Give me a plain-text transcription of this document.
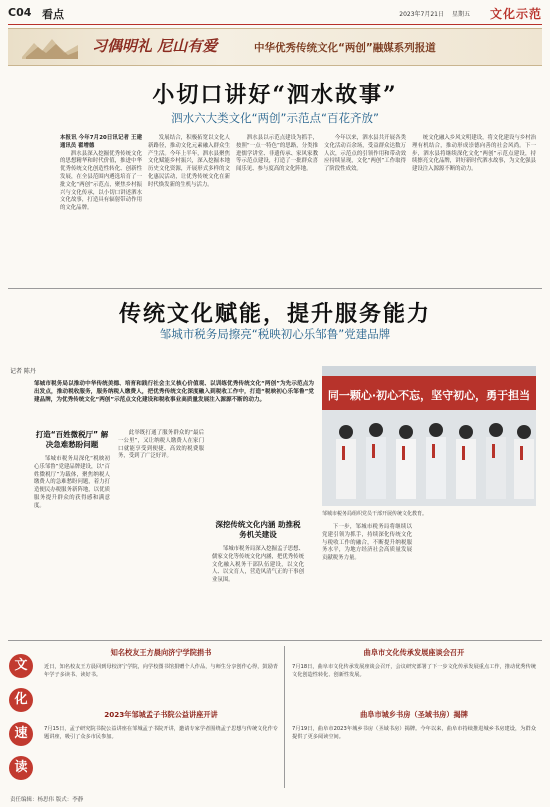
C04 看点	2023年7月21日 星期五 文化示范
习偶明礼 尼山有爱	中华优秀传统文化“两创”融媒系列报道
小切口讲好“泗水故事”
泗水六大类文化“两创”示范点“百花齐放”

本报讯 今年7月20日讯记者 王建 通讯员 翟增德

泗水县深入挖掘优秀传统文化的思想精华和时代价值，推进中华优秀传统文化创造性转化、创新性发展，在全县范围内遴选培育了一批文化“两创”示范点，聚焦乡村振兴与文化传承，以小切口讲述泗水文化故事，打造具有辐射带动作用的文化品牌。

发展结合，积极拓宽以文化人新路径，推动文化元素融入群众生产生活。今年上半年，泗水县聚焦文化赋能乡村振兴，深入挖掘本地历史文化资源，开展形式多样的文化惠民活动，让优秀传统文化在新时代焕发新的生机与活力。

泗水县以示范点建设为抓手，按照“一点一特色”的思路，分类推进儒学讲堂、非遗传承、家风家教等示范点建设，打造了一批群众喜闻乐见、参与度高的文化阵地。

今年以来，泗水县共开展各类文化活动百余场，受益群众达数万人次，示范点的引领作用和带动效应持续显现，文化“两创”工作取得了阶段性成效。

统文化融入乡风文明建设，将文化建设与乡村治理有机结合，推动形成崇德向善的社会风尚。下一步，泗水县将继续深化文化“两创”示范点建设，持续擦亮文化品牌，讲好新时代泗水故事，为文化强县建设注入源源不断的动力。

传统文化赋能，提升服务能力
邹城市税务局擦亮“税映初心乐邹鲁”党建品牌
记者 陈丹
邹城市税务局以推动中华传统美德、培育和践行社会主义核心价值观、以训练优秀传统文化“两创”为先示范点为出发点，推动税收服务，服务纳税人缴费人，把优秀传统文化深度融入到税收工作中，打造“税映初心乐邹鲁”党建品牌，为优秀传统文化“两创”示范点文化建设和税收事业高质量发展注入源源不断的动力。	同一颗心·初心不忘，坚守初心，勇于担当
邹城市税务局组织党员干部开展传统文化教育。
打造“百姓微税厅” 解决急难愁盼问题

邹城市税务局深化“税映初心乐邹鲁”党建品牌建设，以“百姓微税厅”为载体，聚焦纳税人缴费人的急难愁盼问题，着力打造便民办税服务新阵地，以优质服务提升群众的获得感和满意度。

此举既打通了服务群众的“最后一公里”，又让纳税人缴费人在家门口就能享受到便捷、高效的税费服务，受到了广泛好评。

深挖传统文化内涵 助推税务机关建设

邹城市税务局深入挖掘孟子思想、儒家文化等传统文化内涵，把优秀传统文化融入税务干部队伍建设，以文化人、以文育人，营造风清气正的干事创业氛围。

下一步，邹城市税务局将继续以党建引领为抓手，持续深化传统文化与税收工作的融合，不断提升纳税服务水平，为地方经济社会高质量发展贡献税务力量。

文
化
速
读
知名校友王方晨向济宁学院捐书
近日，知名校友王方晨回到母校济宁学院，向学校图书馆捐赠个人作品，与师生分享创作心得，鼓励青年学子多读书、读好书。
2023年邹城孟子书院公益讲座开讲
7月15日，孟子研究院书院公益讲座在邹城孟子书院开讲，邀请专家学者围绕孟子思想与传统文化作专题讲座，吸引了众多市民参加。
曲阜市文化传承发展座谈会召开
7月18日，曲阜市文化传承发展座谈会召开，会议研究部署了下一步文化传承发展重点工作，推动优秀传统文化创造性转化、创新性发展。
曲阜市城乡书房（圣域书房）揭牌
7月19日，曲阜市2023年城乡书房（圣域书房）揭牌。今年以来，曲阜市持续推进城乡书房建设，为群众提供了更多阅读空间。
责任编辑：杨思伟 版式：李静
